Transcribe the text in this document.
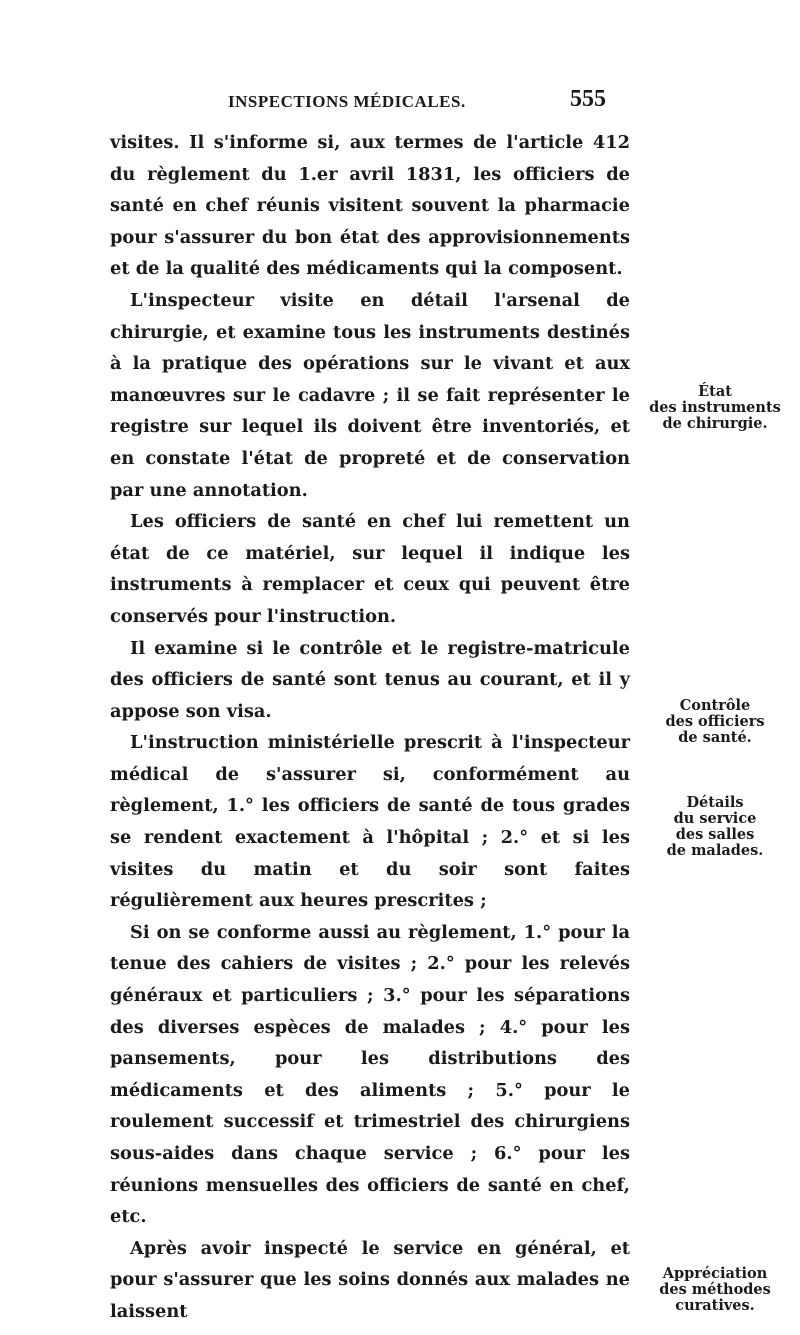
INSPECTIONS MÉDICALES.	555

visites. Il s'informe si, aux termes de l'article 412 du règlement du 1.er avril 1831, les officiers de santé en chef réunis visitent souvent la pharmacie pour s'assurer du bon état des approvisionnements et de la qualité des médicaments qui la composent.

L'inspecteur visite en détail l'arsenal de chirurgie, et examine tous les instruments destinés à la pratique des opérations sur le vivant et aux manœuvres sur le cadavre ; il se fait représenter le registre sur lequel ils doivent être inventoriés, et en constate l'état de propreté et de conservation par une annotation.

Les officiers de santé en chef lui remettent un état de ce matériel, sur lequel il indique les instruments à remplacer et ceux qui peuvent être conservés pour l'instruction.

Il examine si le contrôle et le registre-matricule des officiers de santé sont tenus au courant, et il y appose son visa.

L'instruction ministérielle prescrit à l'inspecteur médical de s'assurer si, conformément au règlement, 1.° les officiers de santé de tous grades se rendent exactement à l'hôpital ; 2.° et si les visites du matin et du soir sont faites régulièrement aux heures prescrites ;

Si on se conforme aussi au règlement, 1.° pour la tenue des cahiers de visites ; 2.° pour les relevés généraux et particuliers ; 3.° pour les séparations des diverses espèces de malades ; 4.° pour les pansements, pour les distributions des médicaments et des aliments ; 5.° pour le roulement successif et trimestriel des chirurgiens sous-aides dans chaque service ; 6.° pour les réunions mensuelles des officiers de santé en chef, etc.

Après avoir inspecté le service en général, et pour s'assurer que les soins donnés aux malades ne laissent

État
des instruments
de chirurgie.
Contrôle
des officiers
de santé.
Détails
du service
des salles
de malades.
Appréciation
des méthodes
curatives.
